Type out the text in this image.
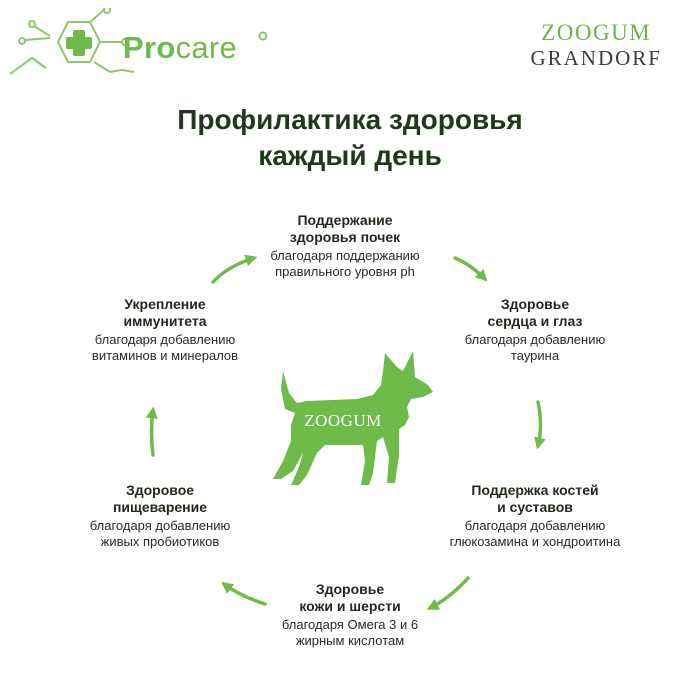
Procare	ZOOGUM
GRANDORF
Профилактика здоровья
каждый день
Поддержание
здоровья почек
благодаря поддержанию
правильного уровня ph
Здоровье
сердца и глаз
благодаря добавлению
таурина
Поддержка костей
и суставов
благодаря добавлению
глюкозамина и хондроитина
Здоровье
кожи и шерсти
благодаря Омега 3 и 6
жирным кислотам
Здоровое
пищеварение
благодаря добавлению
живых пробиотиков
Укрепление
иммунитета
благодаря добавлению
витаминов и минералов
ZOOGUM
